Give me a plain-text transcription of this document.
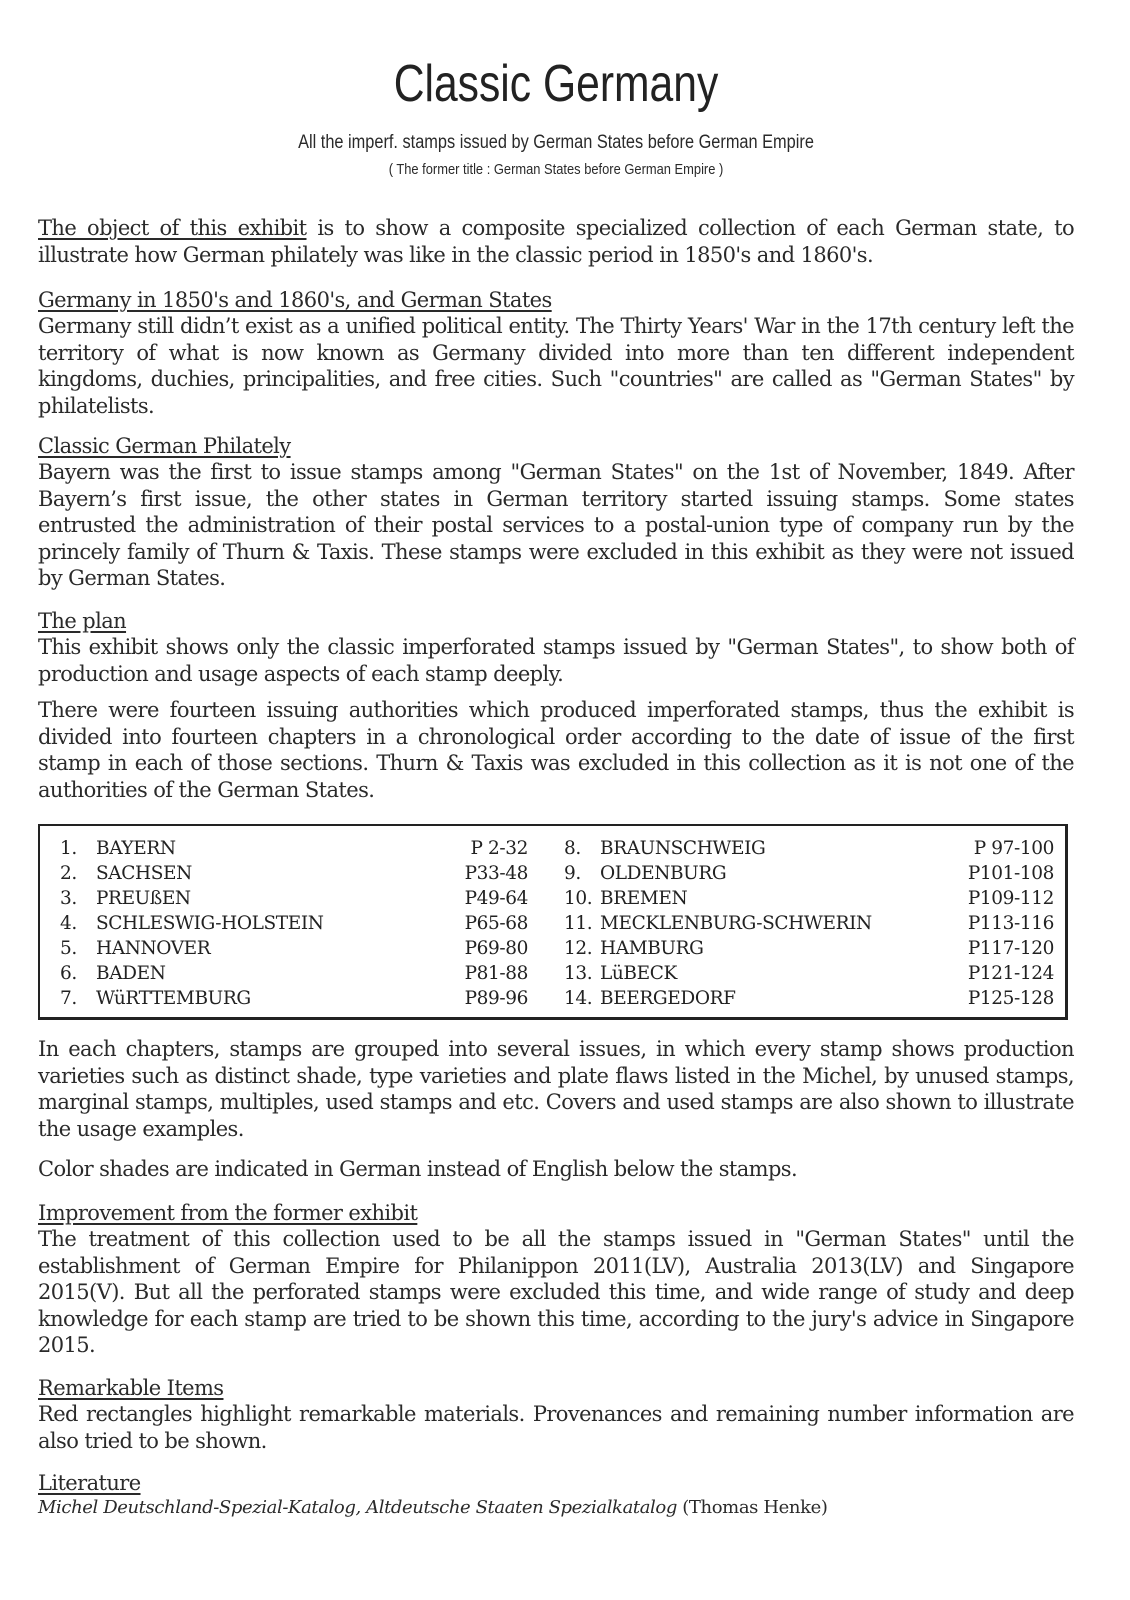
Classic Germany
All the imperf. stamps issued by German States before German Empire
( The former title : German States before German Empire )

The object of this exhibit is to show a composite specialized collection of each German state, to illustrate how German philately was like in the classic period in 1850's and 1860's.

Germany in 1850's and 1860's, and German States

Germany still didn’t exist as a unified political entity. The Thirty Years' War in the 17th century left the territory of what is now known as Germany divided into more than ten different independent kingdoms, duchies, principalities, and free cities. Such "countries" are called as "German States" by philatelists.

Classic German Philately

Bayern was the first to issue stamps among "German States" on the 1st of November, 1849. After Bayern’s first issue, the other states in German territory started issuing stamps. Some states entrusted the administration of their postal services to a postal-union type of company run by the princely family of Thurn & Taxis. These stamps were excluded in this exhibit as they were not issued by German States.

The plan

This exhibit shows only the classic imperforated stamps issued by "German States", to show both of production and usage aspects of each stamp deeply.

There were fourteen issuing authorities which produced imperforated stamps, thus the exhibit is divided into fourteen chapters in a chronological order according to the date of issue of the first stamp in each of those sections. Thurn & Taxis was excluded in this collection as it is not one of the authorities of the German States.

1. BAYERN	P 2-32
2. SACHSEN	P33-48
3. PREUßEN	P49-64
4. SCHLESWIG-HOLSTEIN	P65-68
5. HANNOVER	P69-80
6. BADEN	P81-88
7. WüRTTEMBURG	P89-96
8. BRAUNSCHWEIG	P 97-100
9. OLDENBURG	P101-108
10. BREMEN	P109-112
11. MECKLENBURG-SCHWERIN	P113-116
12. HAMBURG	P117-120
13. LüBECK	P121-124
14. BEERGEDORF	P125-128

In each chapters, stamps are grouped into several issues, in which every stamp shows production varieties such as distinct shade, type varieties and plate flaws listed in the Michel, by unused stamps, marginal stamps, multiples, used stamps and etc. Covers and used stamps are also shown to illustrate the usage examples.

Color shades are indicated in German instead of English below the stamps.

Improvement from the former exhibit

The treatment of this collection used to be all the stamps issued in "German States" until the establishment of German Empire for Philanippon 2011(LV), Australia 2013(LV) and Singapore 2015(V). But all the perforated stamps were excluded this time, and wide range of study and deep knowledge for each stamp are tried to be shown this time, according to the jury's advice in Singapore 2015.

Remarkable Items

Red rectangles highlight remarkable materials. Provenances and remaining number information are also tried to be shown.

Literature

Michel Deutschland-Spezial-Katalog, Altdeutsche Staaten Spezialkatalog (Thomas Henke)
